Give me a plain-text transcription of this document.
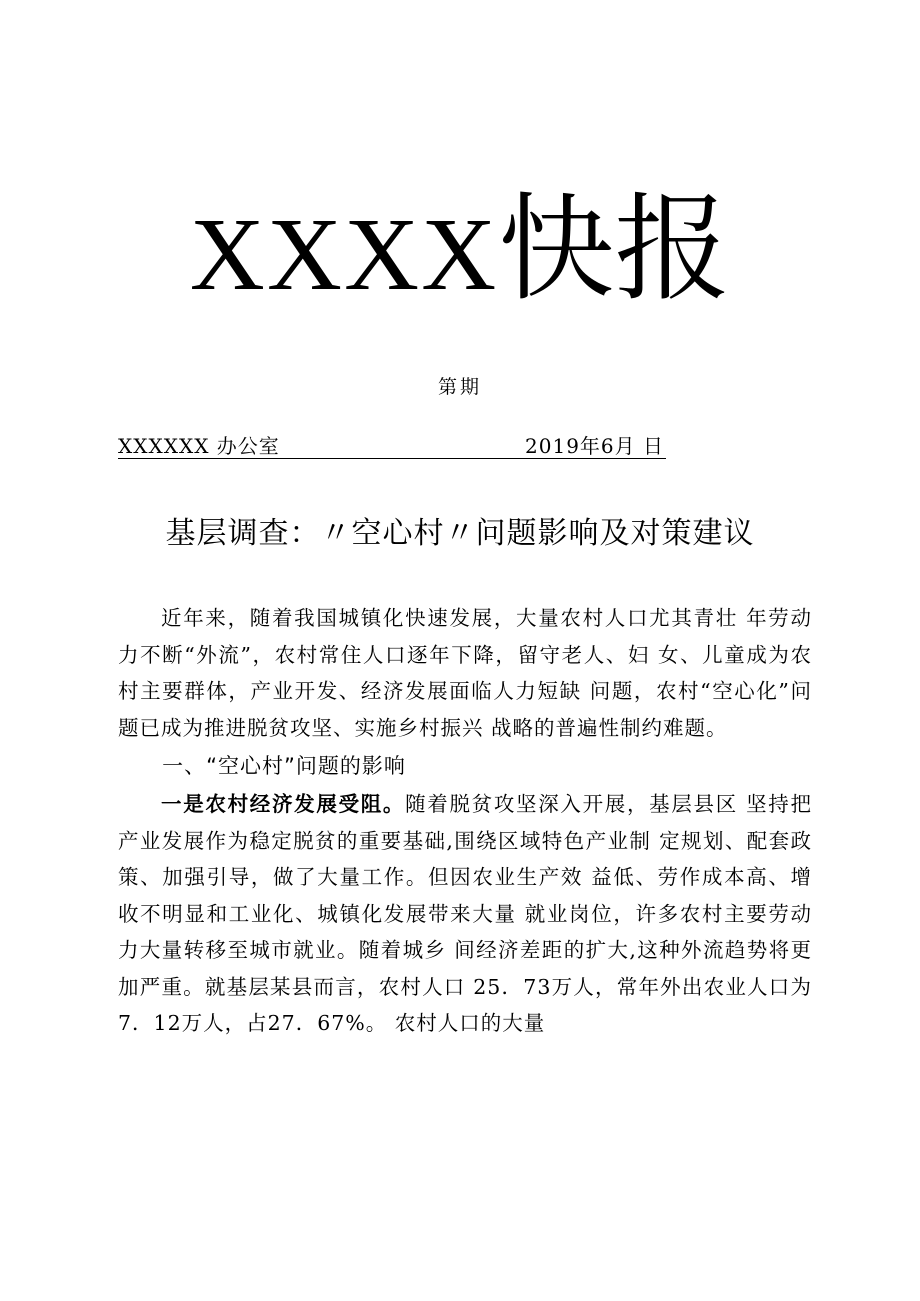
XXXX快报
第期
XXXXXX 办公室	2019年6月 日
基层调查：〃空心村〃问题影响及对策建议

近年来，随着我国城镇化快速发展，大量农村人口尤其青壮 年劳动力不断“外流”，农村常住人口逐年下降，留守老人、妇 女、儿童成为农村主要群体，产业开发、经济发展面临人力短缺 问题，农村“空心化”问题已成为推进脱贫攻坚、实施乡村振兴 战略的普遍性制约难题。

一、“空心村”问题的影响

一是农村经济发展受阻。随着脱贫攻坚深入开展，基层县区 坚持把产业发展作为稳定脱贫的重要基础,围绕区域特色产业制 定规划、配套政策、加强引导，做了大量工作。但因农业生产效 益低、劳作成本高、增收不明显和工业化、城镇化发展带来大量 就业岗位，许多农村主要劳动力大量转移至城市就业。随着城乡 间经济差距的扩大,这种外流趋势将更加严重。就基层某县而言，农村人口 25．73万人，常年外出农业人口为7．12万人，占27．67%。 农村人口的大量
